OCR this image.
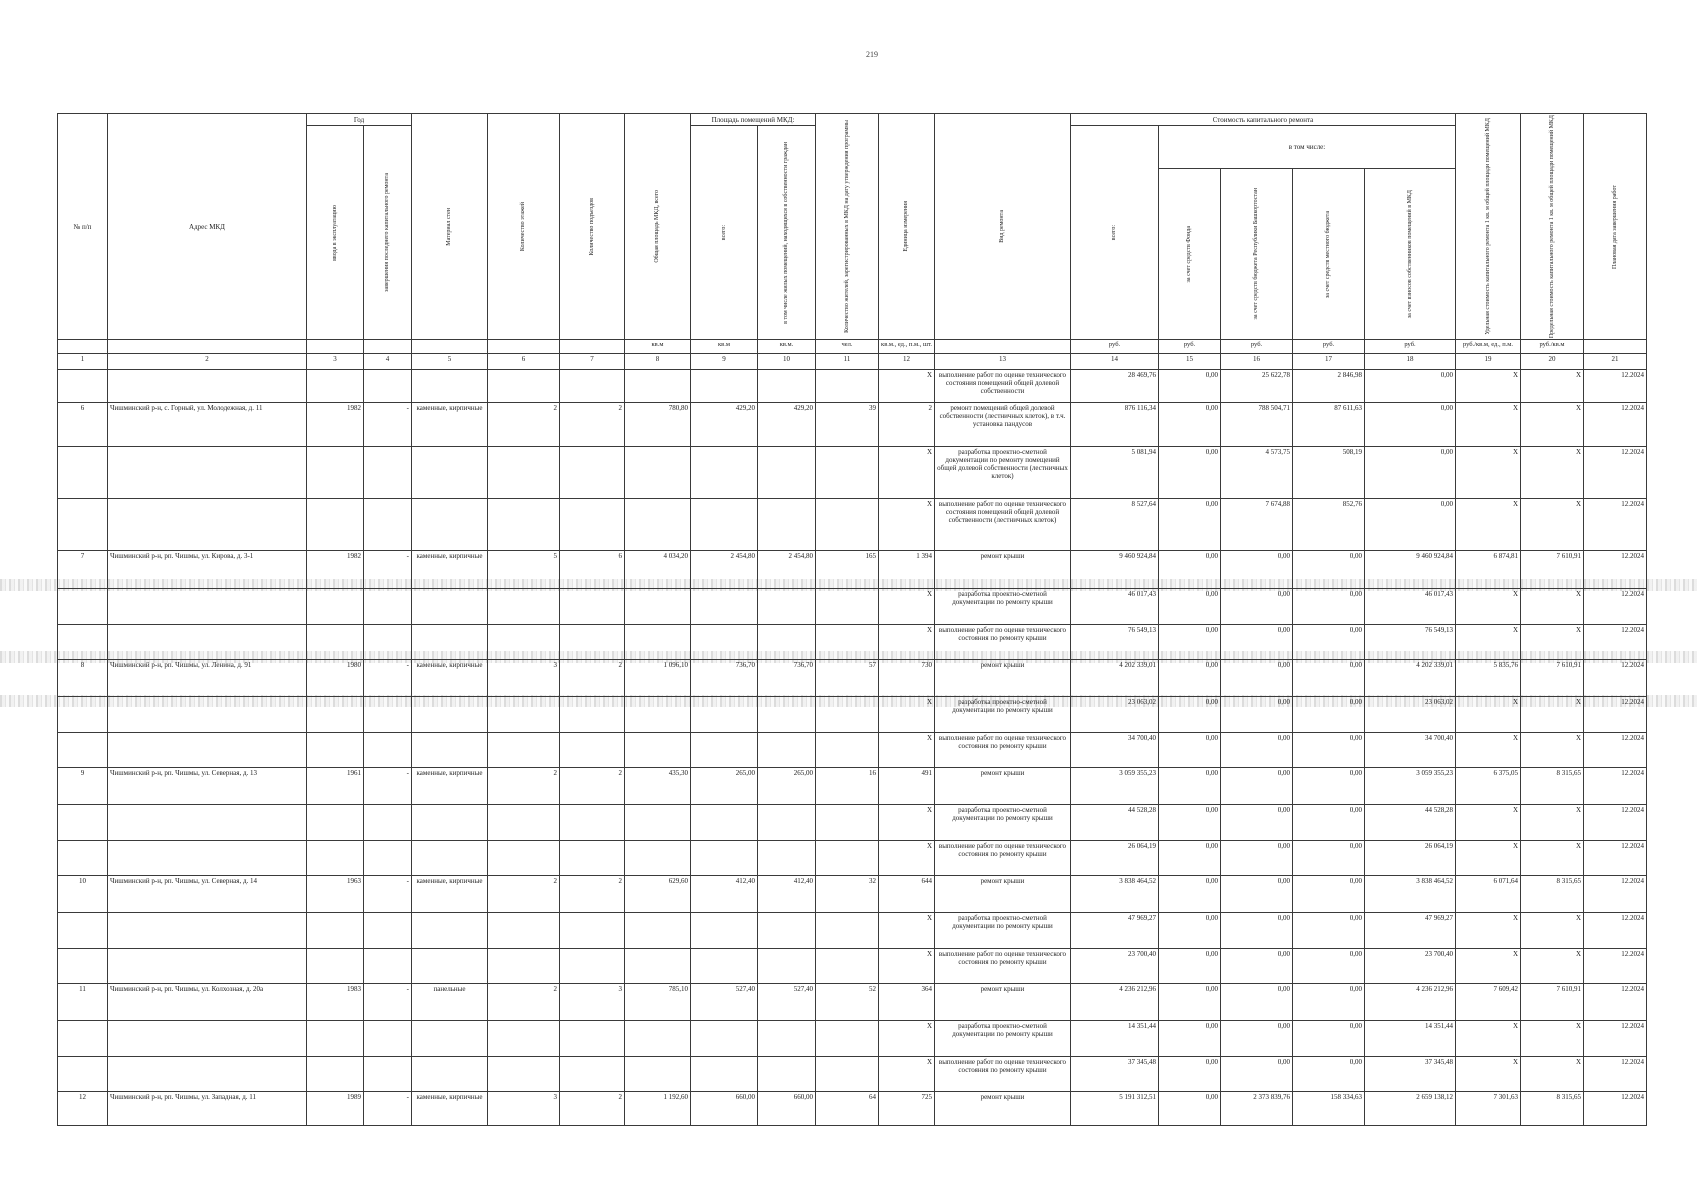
219
№ п/п	Адрес МКД	Год		Материал стен	Количество этажей	Количество подъездов	Общая площадь МКД, всего	Площадь помещений МКД:		Количество жителей, зарегистрированных в МКД на дату утверждения программы	Единица измерения	Вид ремонта	Стоимость капитального ремонта					Удельная стоимость капитального ремонта 1 кв. м общей площади помещений МКД	Предельная стоимость капитального ремонта 1 кв. м общей площади помещений МКД	Плановая дата завершения работ

		ввода в эксплуатацию	завершения последнего капитального ремонта					всего:	в том числе жилых помещений, находящихся в собственности граждан				всего:	в том числе:						

														за счет средств Фонда	за счет средств бюджета Республики Башкортостан	за счет средств местного бюджета	за счет взносов собственников помещений в МКД			

							кв.м	кв.м	кв.м.	чел.	кв.м., ед., п.м., шт.		руб.	руб.	руб.	руб.	руб.	руб./кв.м, ед., п.м.	руб./кв.м	
1	2	3	4	5	6	7	8	9	10	11	12	13	14	15	16	17	18	19	20	21
											X	выполнение работ по оценке технического состояния помещений общей долевой собственности	28 469,76	0,00	25 622,78	2 846,98	0,00	X	X	12.2024
6	Чишминский р-н, с. Горный, ул. Молодежная, д. 11	1982	-	каменные, кирпичные	2	2	780,80	429,20	429,20	39	2	ремонт помещений общей долевой собственности (лестничных клеток), в т.ч. установка пандусов	876 116,34	0,00	788 504,71	87 611,63	0,00	X	X	12.2024
											X	разработка проектно-сметной документации по ремонту помещений общей долевой собственности (лестничных клеток)	5 081,94	0,00	4 573,75	508,19	0,00	X	X	12.2024
											X	выполнение работ по оценке технического состояния помещений общей долевой собственности (лестничных клеток)	8 527,64	0,00	7 674,88	852,76	0,00	X	X	12.2024
7	Чишминский р-н, рп. Чишмы, ул. Кирова, д. 3-1	1982	-	каменные, кирпичные	5	6	4 034,20	2 454,80	2 454,80	165	1 394	ремонт крыши	9 460 924,84	0,00	0,00	0,00	9 460 924,84	6 874,81	7 610,91	12.2024
											X	разработка проектно-сметной документации по ремонту крыши	46 017,43	0,00	0,00	0,00	46 017,43	X	X	12.2024
											X	выполнение работ по оценке технического состояния по ремонту крыши	76 549,13	0,00	0,00	0,00	76 549,13	X	X	12.2024
8	Чишминский р-н, рп. Чишмы, ул. Ленина, д. 91	1980	-	каменные, кирпичные	3	2	1 096,10	736,70	736,70	57	730	ремонт крыши	4 202 339,01	0,00	0,00	0,00	4 202 339,01	5 835,76	7 610,91	12.2024
											X	разработка проектно-сметной документации по ремонту крыши	23 063,02	0,00	0,00	0,00	23 063,02	X	X	12.2024
											X	выполнение работ по оценке технического состояния по ремонту крыши	34 700,40	0,00	0,00	0,00	34 700,40	X	X	12.2024
9	Чишминский р-н, рп. Чишмы, ул. Северная, д. 13	1961	-	каменные, кирпичные	2	2	435,30	265,00	265,00	16	491	ремонт крыши	3 059 355,23	0,00	0,00	0,00	3 059 355,23	6 375,05	8 315,65	12.2024
											X	разработка проектно-сметной документации по ремонту крыши	44 528,28	0,00	0,00	0,00	44 528,28	X	X	12.2024
											X	выполнение работ по оценке технического состояния по ремонту крыши	26 064,19	0,00	0,00	0,00	26 064,19	X	X	12.2024
10	Чишминский р-н, рп. Чишмы, ул. Северная, д. 14	1963	-	каменные, кирпичные	2	2	629,60	412,40	412,40	32	644	ремонт крыши	3 838 464,52	0,00	0,00	0,00	3 838 464,52	6 071,64	8 315,65	12.2024
											X	разработка проектно-сметной документации по ремонту крыши	47 969,27	0,00	0,00	0,00	47 969,27	X	X	12.2024
											X	выполнение работ по оценке технического состояния по ремонту крыши	23 700,40	0,00	0,00	0,00	23 700,40	X	X	12.2024
11	Чишминский р-н, рп. Чишмы, ул. Колхозная, д. 20а	1983	-	панельные	2	3	785,10	527,40	527,40	52	364	ремонт крыши	4 236 212,96	0,00	0,00	0,00	4 236 212,96	7 609,42	7 610,91	12.2024
											X	разработка проектно-сметной документации по ремонту крыши	14 351,44	0,00	0,00	0,00	14 351,44	X	X	12.2024
											X	выполнение работ по оценке технического состояния по ремонту крыши	37 345,48	0,00	0,00	0,00	37 345,48	X	X	12.2024
12	Чишминский р-н, рп. Чишмы, ул. Западная, д. 11	1989	-	каменные, кирпичные	3	2	1 192,60	660,00	660,00	64	725	ремонт крыши	5 191 312,51	0,00	2 373 839,76	158 334,63	2 659 138,12	7 301,63	8 315,65	12.2024
